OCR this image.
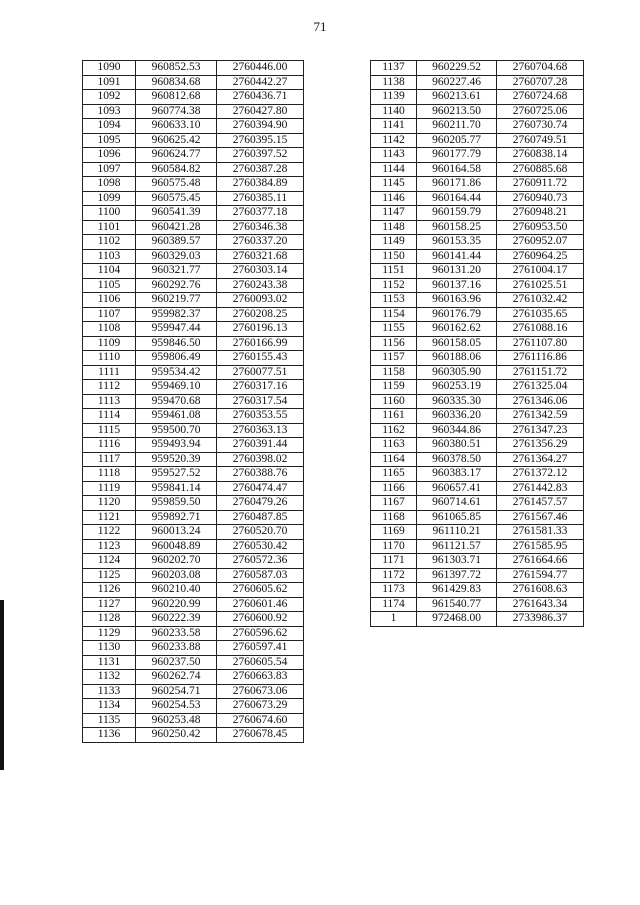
71
1090	960852.53	2760446.00
1091	960834.68	2760442.27
1092	960812.68	2760436.71
1093	960774.38	2760427.80
1094	960633.10	2760394.90
1095	960625.42	2760395.15
1096	960624.77	2760397.52
1097	960584.82	2760387.28
1098	960575.48	2760384.89
1099	960575.45	2760385.11
1100	960541.39	2760377.18
1101	960421.28	2760346.38
1102	960389.57	2760337.20
1103	960329.03	2760321.68
1104	960321.77	2760303.14
1105	960292.76	2760243.38
1106	960219.77	2760093.02
1107	959982.37	2760208.25
1108	959947.44	2760196.13
1109	959846.50	2760166.99
1110	959806.49	2760155.43
1111	959534.42	2760077.51
1112	959469.10	2760317.16
1113	959470.68	2760317.54
1114	959461.08	2760353.55
1115	959500.70	2760363.13
1116	959493.94	2760391.44
1117	959520.39	2760398.02
1118	959527.52	2760388.76
1119	959841.14	2760474.47
1120	959859.50	2760479.26
1121	959892.71	2760487.85
1122	960013.24	2760520.70
1123	960048.89	2760530.42
1124	960202.70	2760572.36
1125	960203.08	2760587.03
1126	960210.40	2760605.62
1127	960220.99	2760601.46
1128	960222.39	2760600.92
1129	960233.58	2760596.62
1130	960233.88	2760597.41
1131	960237.50	2760605.54
1132	960262.74	2760663.83
1133	960254.71	2760673.06
1134	960254.53	2760673.29
1135	960253.48	2760674.60
1136	960250.42	2760678.45
1137	960229.52	2760704.68
1138	960227.46	2760707.28
1139	960213.61	2760724.68
1140	960213.50	2760725.06
1141	960211.70	2760730.74
1142	960205.77	2760749.51
1143	960177.79	2760838.14
1144	960164.58	2760885.68
1145	960171.86	2760911.72
1146	960164.44	2760940.73
1147	960159.79	2760948.21
1148	960158.25	2760953.50
1149	960153.35	2760952.07
1150	960141.44	2760964.25
1151	960131.20	2761004.17
1152	960137.16	2761025.51
1153	960163.96	2761032.42
1154	960176.79	2761035.65
1155	960162.62	2761088.16
1156	960158.05	2761107.80
1157	960188.06	2761116.86
1158	960305.90	2761151.72
1159	960253.19	2761325.04
1160	960335.30	2761346.06
1161	960336.20	2761342.59
1162	960344.86	2761347.23
1163	960380.51	2761356.29
1164	960378.50	2761364.27
1165	960383.17	2761372.12
1166	960657.41	2761442.83
1167	960714.61	2761457.57
1168	961065.85	2761567.46
1169	961110.21	2761581.33
1170	961121.57	2761585.95
1171	961303.71	2761664.66
1172	961397.72	2761594.77
1173	961429.83	2761608.63
1174	961540.77	2761643.34
1	972468.00	2733986.37
